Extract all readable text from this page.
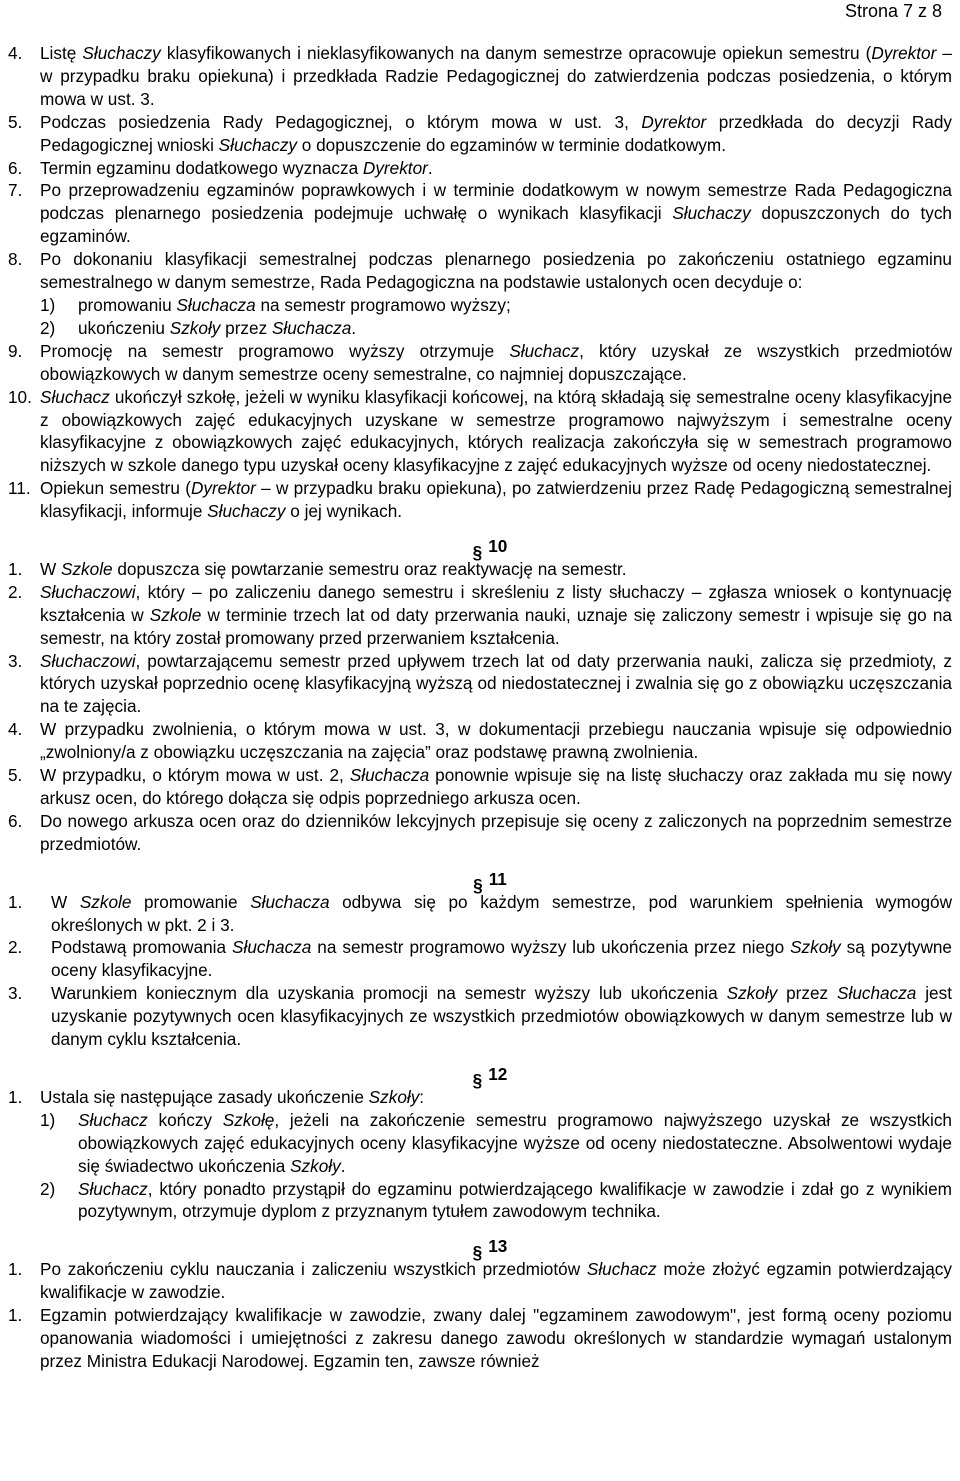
Strona 7 z 8
4. Listę Słuchaczy klasyfikowanych i nieklasyfikowanych na danym semestrze opracowuje opiekun semestru (Dyrektor – w przypadku braku opiekuna) i przedkłada Radzie Pedagogicznej do zatwierdzenia podczas posiedzenia, o którym mowa w ust. 3.
5. Podczas posiedzenia Rady Pedagogicznej, o którym mowa w ust. 3, Dyrektor przedkłada do decyzji Rady Pedagogicznej wnioski Słuchaczy o dopuszczenie do egzaminów w terminie dodatkowym.
6. Termin egzaminu dodatkowego wyznacza Dyrektor.
7. Po przeprowadzeniu egzaminów poprawkowych i w terminie dodatkowym w nowym semestrze Rada Pedagogiczna podczas plenarnego posiedzenia podejmuje uchwałę o wynikach klasyfikacji Słuchaczy dopuszczonych do tych egzaminów.
8. Po dokonaniu klasyfikacji semestralnej podczas plenarnego posiedzenia po zakończeniu ostatniego egzaminu semestralnego w danym semestrze, Rada Pedagogiczna na podstawie ustalonych ocen decyduje o:
1) promowaniu Słuchacza na semestr programowo wyższy;
2) ukończeniu Szkoły przez Słuchacza.
9. Promocję na semestr programowo wyższy otrzymuje Słuchacz, który uzyskał ze wszystkich przedmiotów obowiązkowych w danym semestrze oceny semestralne, co najmniej dopuszczające.
10. Słuchacz ukończył szkołę, jeżeli w wyniku klasyfikacji końcowej, na którą składają się semestralne oceny klasyfikacyjne z obowiązkowych zajęć edukacyjnych uzyskane w semestrze programowo najwyższym i semestralne oceny klasyfikacyjne z obowiązkowych zajęć edukacyjnych, których realizacja zakończyła się w semestrach programowo niższych w szkole danego typu uzyskał oceny klasyfikacyjne z zajęć edukacyjnych wyższe od oceny niedostatecznej.
11. Opiekun semestru (Dyrektor – w przypadku braku opiekuna), po zatwierdzeniu przez Radę Pedagogiczną semestralnej klasyfikacji, informuje Słuchaczy o jej wynikach.
§ 10
1. W Szkole dopuszcza się powtarzanie semestru oraz reaktywację na semestr.
2. Słuchaczowi, który – po zaliczeniu danego semestru i skreśleniu z listy słuchaczy – zgłasza wniosek o kontynuację kształcenia w Szkole w terminie trzech lat od daty przerwania nauki, uznaje się zaliczony semestr i wpisuje się go na semestr, na który został promowany przed przerwaniem kształcenia.
3. Słuchaczowi, powtarzającemu semestr przed upływem trzech lat od daty przerwania nauki, zalicza się przedmioty, z których uzyskał poprzednio ocenę klasyfikacyjną wyższą od niedostatecznej i zwalnia się go z obowiązku uczęszczania na te zajęcia.
4. W przypadku zwolnienia, o którym mowa w ust. 3, w dokumentacji przebiegu nauczania wpisuje się odpowiednio „zwolniony/a z obowiązku uczęszczania na zajęcia” oraz podstawę prawną zwolnienia.
5. W przypadku, o którym mowa w ust. 2, Słuchacza ponownie wpisuje się na listę słuchaczy oraz zakłada mu się nowy arkusz ocen, do którego dołącza się odpis poprzedniego arkusza ocen.
6. Do nowego arkusza ocen oraz do dzienników lekcyjnych przepisuje się oceny z zaliczonych na poprzednim semestrze przedmiotów.
§ 11
1. W Szkole promowanie Słuchacza odbywa się po każdym semestrze, pod warunkiem spełnienia wymogów określonych w pkt. 2 i 3.
2. Podstawą promowania Słuchacza na semestr programowo wyższy lub ukończenia przez niego Szkoły są pozytywne oceny klasyfikacyjne.
3. Warunkiem koniecznym dla uzyskania promocji na semestr wyższy lub ukończenia Szkoły przez Słuchacza jest uzyskanie pozytywnych ocen klasyfikacyjnych ze wszystkich przedmiotów obowiązkowych w danym semestrze lub w danym cyklu kształcenia.
§ 12
1. Ustala się następujące zasady ukończenie Szkoły:
1) Słuchacz kończy Szkołę, jeżeli na zakończenie semestru programowo najwyższego uzyskał ze wszystkich obowiązkowych zajęć edukacyjnych oceny klasyfikacyjne wyższe od oceny niedostateczne. Absolwentowi wydaje się świadectwo ukończenia Szkoły.
2) Słuchacz, który ponadto przystąpił do egzaminu potwierdzającego kwalifikacje w zawodzie i zdał go z wynikiem pozytywnym, otrzymuje dyplom z przyznanym tytułem zawodowym technika.
§ 13
1. Po zakończeniu cyklu nauczania i zaliczeniu wszystkich przedmiotów Słuchacz może złożyć egzamin potwierdzający kwalifikacje w zawodzie.
1. Egzamin potwierdzający kwalifikacje w zawodzie, zwany dalej "egzaminem zawodowym", jest formą oceny poziomu opanowania wiadomości i umiejętności z zakresu danego zawodu określonych w standardzie wymagań ustalonym przez Ministra Edukacji Narodowej. Egzamin ten, zawsze również
